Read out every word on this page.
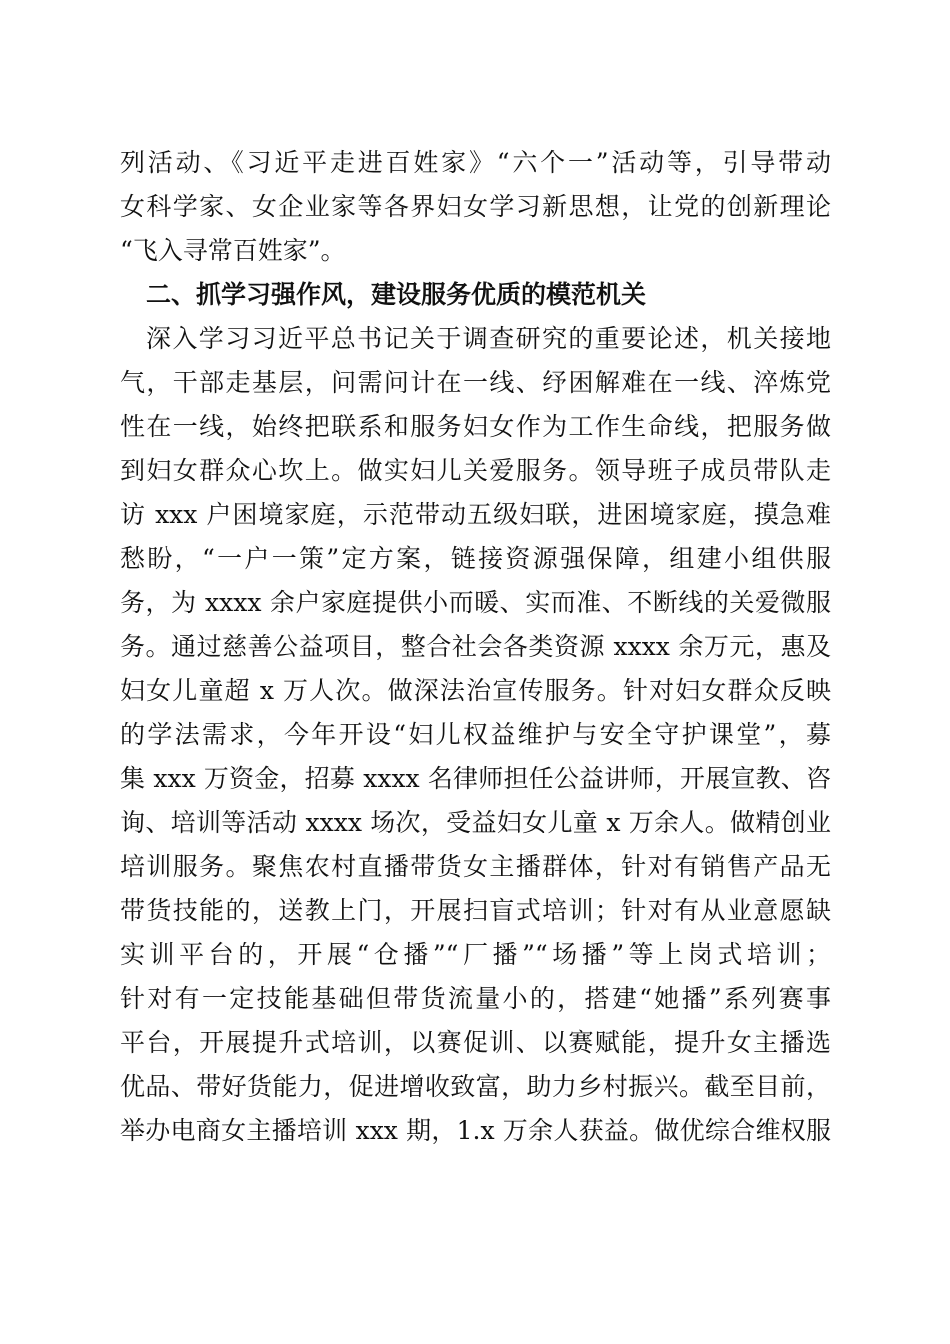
列活动、《习近平走进百姓家》“六个一”活动等，引导带动
女科学家、女企业家等各界妇女学习新思想，让党的创新理论
“飞入寻常百姓家”。
二、抓学习强作风，建设服务优质的模范机关
深入学习习近平总书记关于调查研究的重要论述，机关接地
气，干部走基层，问需问计在一线、纾困解难在一线、淬炼党
性在一线，始终把联系和服务妇女作为工作生命线，把服务做
到妇女群众心坎上。做实妇儿关爱服务。领导班子成员带队走
访 xxx 户困境家庭，示范带动五级妇联，进困境家庭，摸急难
愁盼，“一户一策”定方案，链接资源强保障，组建小组供服
务，为 xxxx 余户家庭提供小而暖、实而准、不断线的关爱微服
务。通过慈善公益项目，整合社会各类资源 xxxx 余万元，惠及
妇女儿童超 x 万人次。做深法治宣传服务。针对妇女群众反映
的学法需求，今年开设“妇儿权益维护与安全守护课堂”，募
集 xxx 万资金，招募 xxxx 名律师担任公益讲师，开展宣教、咨
询、培训等活动 xxxx 场次，受益妇女儿童 x 万余人。做精创业
培训服务。聚焦农村直播带货女主播群体，针对有销售产品无
带货技能的，送教上门，开展扫盲式培训；针对有从业意愿缺
实训平台的，开展“仓播”“厂播”“场播”等上岗式培训；
针对有一定技能基础但带货流量小的，搭建“她播”系列赛事
平台，开展提升式培训，以赛促训、以赛赋能，提升女主播选
优品、带好货能力，促进增收致富，助力乡村振兴。截至目前，
举办电商女主播培训 xxx 期，1.x 万余人获益。做优综合维权服
